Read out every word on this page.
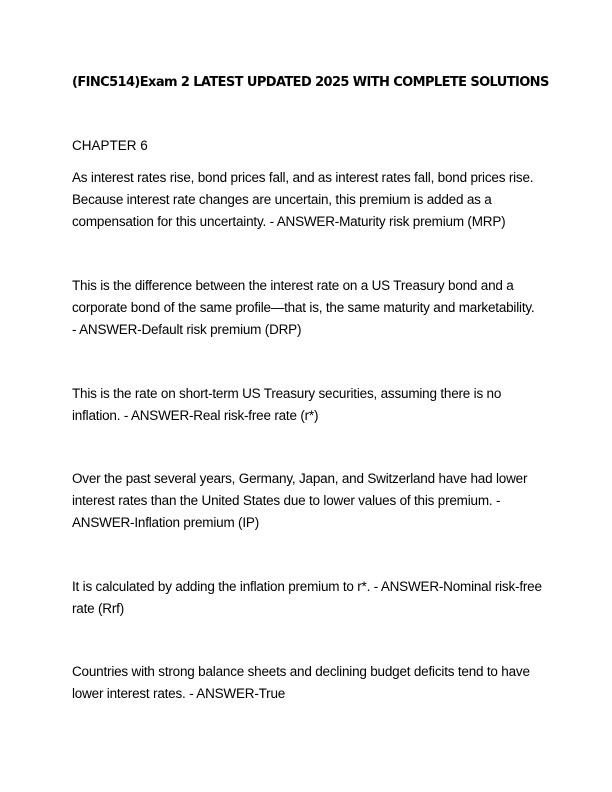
(FINC514)Exam 2 LATEST UPDATED 2025 WITH COMPLETE SOLUTIONS
CHAPTER 6
As interest rates rise, bond prices fall, and as interest rates fall, bond prices rise. Because interest rate changes are uncertain, this premium is added as a compensation for this uncertainty. - ANSWER-Maturity risk premium (MRP)
This is the difference between the interest rate on a US Treasury bond and a corporate bond of the same profile—that is, the same maturity and marketability. - ANSWER-Default risk premium (DRP)
This is the rate on short-term US Treasury securities, assuming there is no inflation. - ANSWER-Real risk-free rate (r*)
Over the past several years, Germany, Japan, and Switzerland have had lower interest rates than the United States due to lower values of this premium. - ANSWER-Inflation premium (IP)
It is calculated by adding the inflation premium to r*. - ANSWER-Nominal risk-free rate (Rrf)
Countries with strong balance sheets and declining budget deficits tend to have lower interest rates. - ANSWER-True
